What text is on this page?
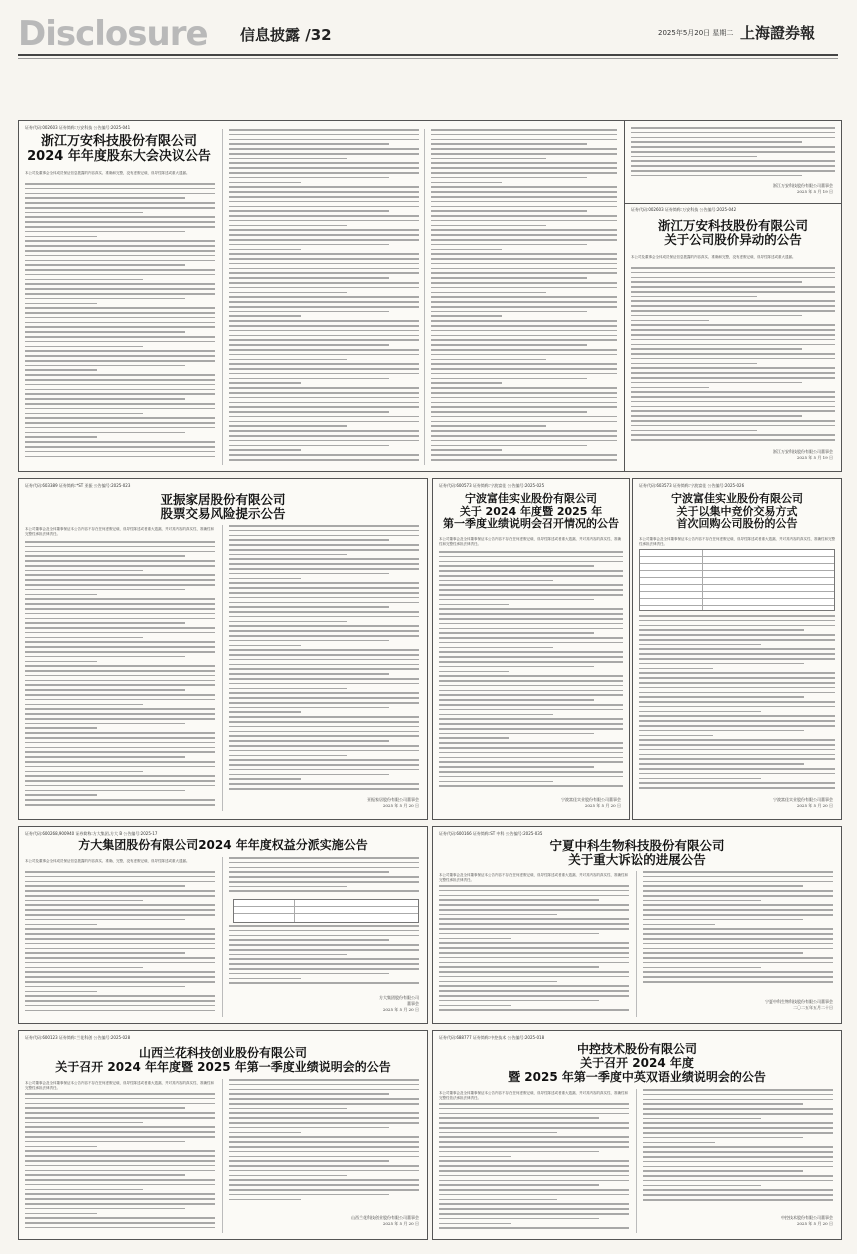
Disclosure 信息披露 /32	2025年5月20日 星期二 上海證券報
证券代码:002603 证券简称:万安科技 公告编号:2025-041
浙江万安科技股份有限公司
2024 年年度股东大会决议公告
本公司及董事会全体成员保证信息披露的内容真实、准确和完整，没有虚假记载、误导性陈述或重大遗漏。
浙江万安科技股份有限公司董事会
2025 年 5 月 19 日
证券代码:002603 证券简称:万安科技 公告编号:2025-042
浙江万安科技股份有限公司
关于公司股价异动的公告
本公司及董事会全体成员保证信息披露的内容真实、准确和完整，没有虚假记载、误导性陈述或重大遗漏。
浙江万安科技股份有限公司董事会
2025 年 5 月 19 日
证券代码:603389 证券简称:*ST 亚振 公告编号:2025-023
亚振家居股份有限公司
股票交易风险提示公告
本公司董事会及全体董事保证本公告内容不存在任何虚假记载、误导性陈述或者重大遗漏，并对其内容的真实性、准确性和完整性承担法律责任。
亚振家居股份有限公司董事会
2025 年 5 月 20 日
证券代码:600573 证券简称:宁波富佳 公告编号:2025-025
宁波富佳实业股份有限公司
关于 2024 年度暨 2025 年
第一季度业绩说明会召开情况的公告
本公司董事会及全体董事保证本公告内容不存在任何虚假记载、误导性陈述或者重大遗漏，并对其内容的真实性、准确性和完整性承担法律责任。
宁波富佳实业股份有限公司董事会
2025 年 5 月 20 日
证券代码:603573 证券简称:宁波富佳 公告编号:2025-026
宁波富佳实业股份有限公司
关于以集中竞价交易方式
首次回购公司股份的公告
本公司董事会及全体董事保证本公告内容不存在任何虚假记载、误导性陈述或者重大遗漏，并对其内容的真实性、准确性和完整性承担法律责任。
宁波富佳实业股份有限公司董事会
2025 年 5 月 20 日
证券代码:600268,900940 证券简称:方大集团,方大 B 公告编号:2025-17
方大集团股份有限公司2024 年年度权益分派实施公告
本公司及董事会全体成员保证信息披露的内容真实、准确、完整，没有虚假记载、误导性陈述或重大遗漏。
方大集团股份有限公司
董事会
2025 年 5 月 20 日
证券代码:600166 证券简称:ST 中科 公告编号:2025-035
宁夏中科生物科技股份有限公司
关于重大诉讼的进展公告
本公司董事会及全体董事保证本公告内容不存在任何虚假记载、误导性陈述或者重大遗漏，并对其内容的真实性、准确性和完整性承担法律责任。
宁夏中科生物科技股份有限公司董事会
二〇二五年五月二十日
证券代码:600123 证券简称:兰花科创 公告编号:2025-028
山西兰花科技创业股份有限公司
关于召开 2024 年年度暨 2025 年第一季度业绩说明会的公告
本公司董事会及全体董事保证本公告内容不存在任何虚假记载、误导性陈述或者重大遗漏，并对其内容的真实性、准确性和完整性承担法律责任。
山西兰花科技创业股份有限公司董事会
2025 年 5 月 20 日
证券代码:688777 证券简称:中控技术 公告编号:2025-018
中控技术股份有限公司
关于召开 2024 年度
暨 2025 年第一季度中英双语业绩说明会的公告
本公司董事会及全体董事保证本公告内容不存在任何虚假记载、误导性陈述或者重大遗漏，并对其内容的真实性、准确性和完整性依法承担法律责任。
中控技术股份有限公司董事会
2025 年 5 月 20 日
